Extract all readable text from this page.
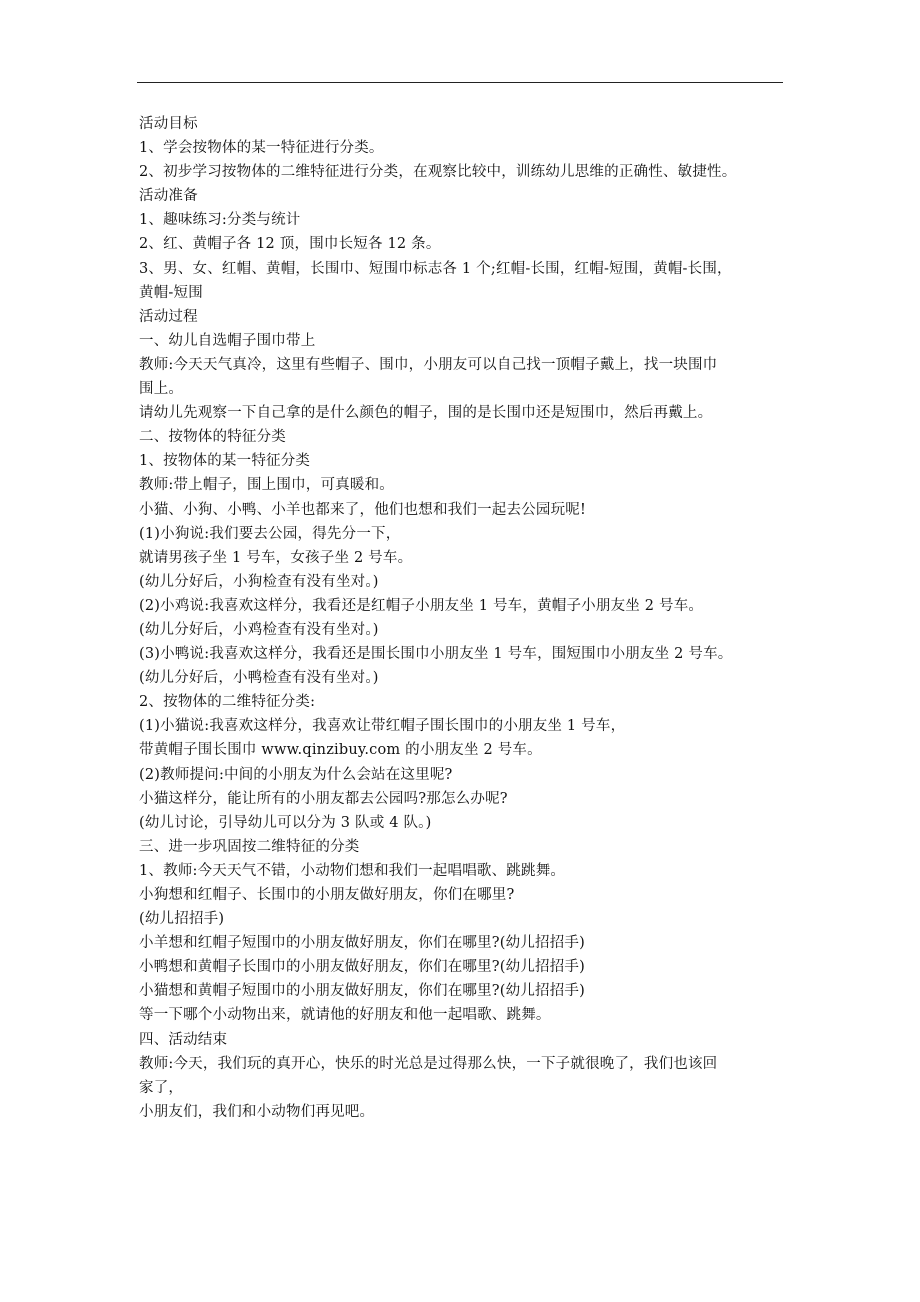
活动目标

1、学会按物体的某一特征进行分类。

2、初步学习按物体的二维特征进行分类，在观察比较中，训练幼儿思维的正确性、敏捷性。

活动准备

1、趣味练习:分类与统计

2、红、黄帽子各 12 顶，围巾长短各 12 条。

3、男、女、红帽、黄帽，长围巾、短围巾标志各 1 个;红帽-长围，红帽-短围，黄帽-长围，

黄帽-短围

活动过程

一、幼儿自选帽子围巾带上

教师:今天天气真冷，这里有些帽子、围巾，小朋友可以自己找一顶帽子戴上，找一块围巾

围上。

请幼儿先观察一下自己拿的是什么颜色的帽子，围的是长围巾还是短围巾，然后再戴上。

二、按物体的特征分类

1、按物体的某一特征分类

教师:带上帽子，围上围巾，可真暖和。

小猫、小狗、小鸭、小羊也都来了，他们也想和我们一起去公园玩呢!

(1)小狗说:我们要去公园，得先分一下，

就请男孩子坐 1 号车，女孩子坐 2 号车。

(幼儿分好后，小狗检查有没有坐对。)

(2)小鸡说:我喜欢这样分，我看还是红帽子小朋友坐 1 号车，黄帽子小朋友坐 2 号车。

(幼儿分好后，小鸡检查有没有坐对。)

(3)小鸭说:我喜欢这样分，我看还是围长围巾小朋友坐 1 号车，围短围巾小朋友坐 2 号车。

(幼儿分好后，小鸭检查有没有坐对。)

2、按物体的二维特征分类:

(1)小猫说:我喜欢这样分，我喜欢让带红帽子围长围巾的小朋友坐 1 号车，

带黄帽子围长围巾 www.qinzibuy.com 的小朋友坐 2 号车。

(2)教师提问:中间的小朋友为什么会站在这里呢?

小猫这样分，能让所有的小朋友都去公园吗?那怎么办呢?

(幼儿讨论，引导幼儿可以分为 3 队或 4 队。)

三、进一步巩固按二维特征的分类

1、教师:今天天气不错，小动物们想和我们一起唱唱歌、跳跳舞。

小狗想和红帽子、长围巾的小朋友做好朋友，你们在哪里?

(幼儿招招手)

小羊想和红帽子短围巾的小朋友做好朋友，你们在哪里?(幼儿招招手)

小鸭想和黄帽子长围巾的小朋友做好朋友，你们在哪里?(幼儿招招手)

小猫想和黄帽子短围巾的小朋友做好朋友，你们在哪里?(幼儿招招手)

等一下哪个小动物出来，就请他的好朋友和他一起唱歌、跳舞。

四、活动结束

教师:今天，我们玩的真开心，快乐的时光总是过得那么快，一下子就很晚了，我们也该回

家了，

小朋友们，我们和小动物们再见吧。
